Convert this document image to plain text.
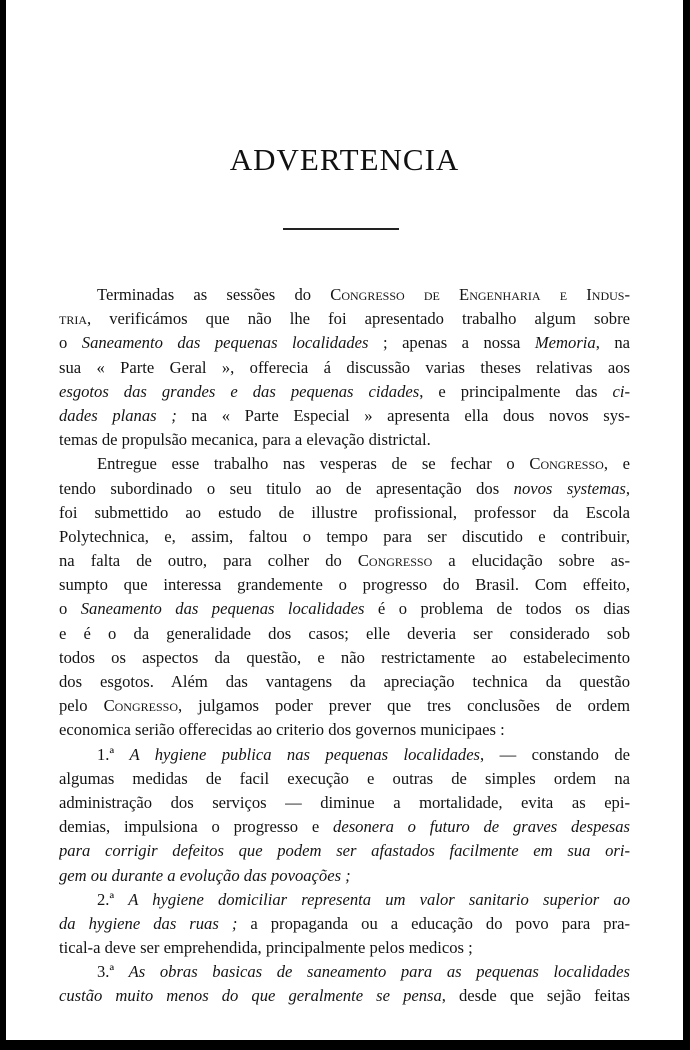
ADVERTENCIA
Terminadas as sessões do Congresso de Engenharia e Indus-
tria, verificámos que não lhe foi apresentado trabalho algum sobre
o Saneamento das pequenas localidades ; apenas a nossa Memoria, na
sua « Parte Geral », offerecia á discussão varias theses relativas aos
esgotos das grandes e das pequenas cidades, e principalmente das ci-
dades planas ; na « Parte Especial » apresenta ella dous novos sys-
temas de propulsão mecanica, para a elevação districtal.
Entregue esse trabalho nas vesperas de se fechar o Congresso, e
tendo subordinado o seu titulo ao de apresentação dos novos systemas,
foi submettido ao estudo de illustre profissional, professor da Escola
Polytechnica, e, assim, faltou o tempo para ser discutido e contribuir,
na falta de outro, para colher do Congresso a elucidação sobre as-
sumpto que interessa grandemente o progresso do Brasil. Com effeito,
o Saneamento das pequenas localidades é o problema de todos os dias
e é o da generalidade dos casos; elle deveria ser considerado sob
todos os aspectos da questão, e não restrictamente ao estabelecimento
dos esgotos. Além das vantagens da apreciação technica da questão
pelo Congresso, julgamos poder prever que tres conclusões de ordem
economica serião offerecidas ao criterio dos governos municipaes :
1.ª A hygiene publica nas pequenas localidades, — constando de
algumas medidas de facil execução e outras de simples ordem na
administração dos serviços — diminue a mortalidade, evita as epi-
demias, impulsiona o progresso e desonera o futuro de graves despesas
para corrigir defeitos que podem ser afastados facilmente em sua ori-
gem ou durante a evolução das povoações ;
2.ª A hygiene domiciliar representa um valor sanitario superior ao
da hygiene das ruas ; a propaganda ou a educação do povo para pra-
tical-a deve ser emprehendida, principalmente pelos medicos ;
3.ª As obras basicas de saneamento para as pequenas localidades
custão muito menos do que geralmente se pensa, desde que sejão feitas
